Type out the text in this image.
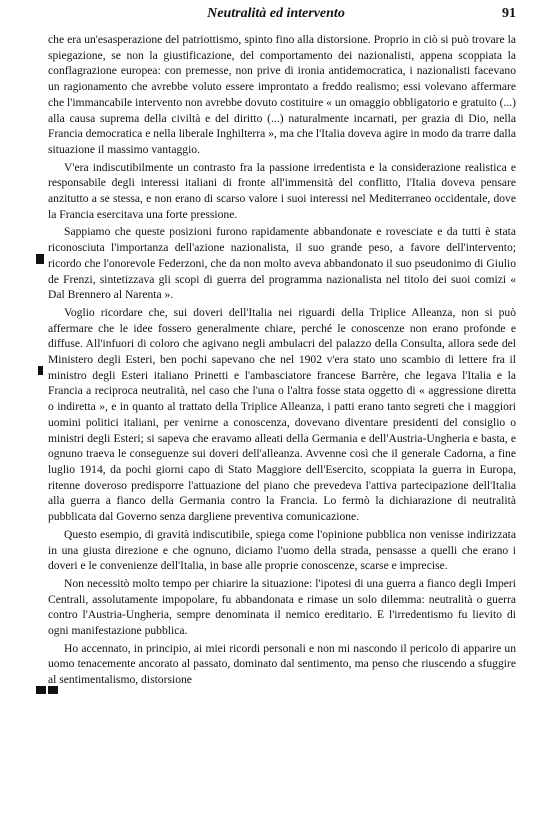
Neutralità ed intervento	91

che era un'esasperazione del patriottismo, spinto fino alla distorsione. Proprio in ciò si può trovare la spiegazione, se non la giustificazione, del comportamento dei nazionalisti, appena scoppiata la conflagrazione europea: con premesse, non prive di ironia antidemocratica, i nazionalisti facevano un ragionamento che avrebbe voluto essere improntato a freddo realismo; essi volevano affermare che l'immancabile intervento non avrebbe dovuto costituire « un omaggio obbligatorio e gratuito (...) alla causa suprema della civiltà e del diritto (...) naturalmente incarnati, per grazia di Dio, nella Francia democratica e nella liberale Inghilterra », ma che l'Italia doveva agire in modo da trarre dalla situazione il massimo vantaggio.

V'era indiscutibilmente un contrasto fra la passione irredentista e la considerazione realistica e responsabile degli interessi italiani di fronte all'immensità del conflitto, l'Italia doveva pensare anzitutto a se stessa, e non erano di scarso valore i suoi interessi nel Mediterraneo occidentale, dove la Francia esercitava una forte pressione.

Sappiamo che queste posizioni furono rapidamente abbandonate e rovesciate e da tutti è stata riconosciuta l'importanza dell'azione nazionalista, il suo grande peso, a favore dell'intervento; ricordo che l'onorevole Federzoni, che da non molto aveva abbandonato il suo pseudonimo di Giulio de Frenzi, sintetizzava gli scopi di guerra del programma nazionalista nel titolo dei suoi comizi « Dal Brennero al Narenta ».

Voglio ricordare che, sui doveri dell'Italia nei riguardi della Triplice Alleanza, non si può affermare che le idee fossero generalmente chiare, perché le conoscenze non erano profonde e diffuse. All'infuori di coloro che agivano negli ambulacri del palazzo della Consulta, allora sede del Ministero degli Esteri, ben pochi sapevano che nel 1902 v'era stato uno scambio di lettere fra il ministro degli Esteri italiano Prinetti e l'ambasciatore francese Barrère, che legava l'Italia e la Francia a reciproca neutralità, nel caso che l'una o l'altra fosse stata oggetto di « aggressione diretta o indiretta », e in quanto al trattato della Triplice Alleanza, i patti erano tanto segreti che i maggiori uomini politici italiani, per venirne a conoscenza, dovevano diventare presidenti del consiglio o ministri degli Esteri; si sapeva che eravamo alleati della Germania e dell'Austria-Ungheria e basta, e ognuno traeva le conseguenze sui doveri dell'alleanza. Avvenne così che il generale Cadorna, a fine luglio 1914, da pochi giorni capo di Stato Maggiore dell'Esercito, scoppiata la guerra in Europa, ritenne doveroso predisporre l'attuazione del piano che prevedeva l'attiva partecipazione dell'Italia alla guerra a fianco della Germania contro la Francia. Lo fermò la dichiarazione di neutralità pubblicata dal Governo senza dargliene preventiva comunicazione.

Questo esempio, di gravità indiscutibile, spiega come l'opinione pubblica non venisse indirizzata in una giusta direzione e che ognuno, diciamo l'uomo della strada, pensasse a quelli che erano i doveri e le convenienze dell'Italia, in base alle proprie conoscenze, scarse e imprecise.

Non necessitò molto tempo per chiarire la situazione: l'ipotesi di una guerra a fianco degli Imperi Centrali, assolutamente impopolare, fu abbandonata e rimase un solo dilemma: neutralità o guerra contro l'Austria-Ungheria, sempre denominata il nemico ereditario. E l'irredentismo fu lievito di ogni manifestazione pubblica.

Ho accennato, in principio, ai miei ricordi personali e non mi nascondo il pericolo di apparire un uomo tenacemente ancorato al passato, dominato dal sentimento, ma penso che riuscendo a sfuggire al sentimentalismo, distorsione
